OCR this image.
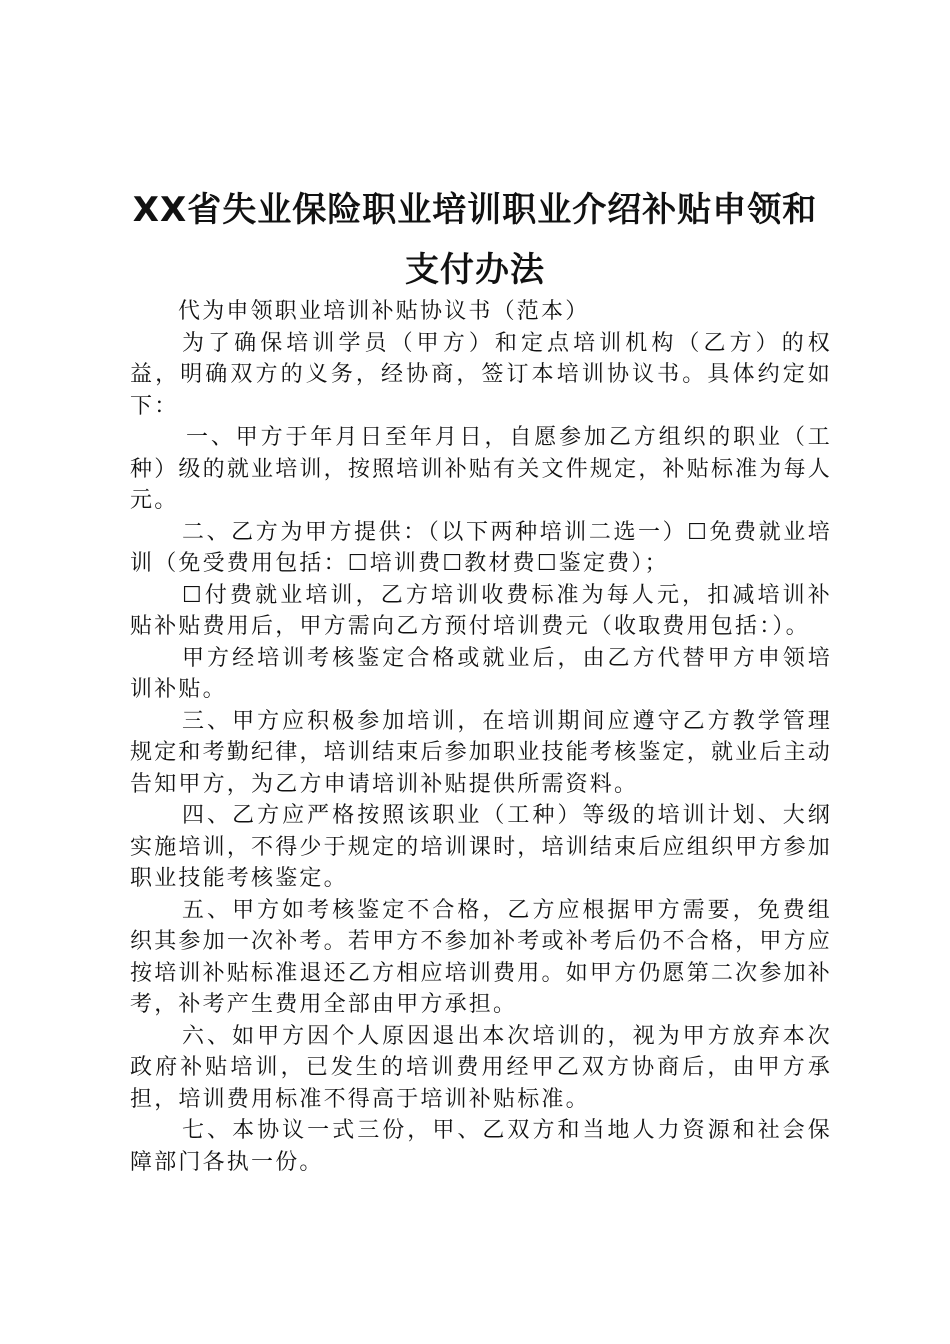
XX省失业保险职业培训职业介绍补贴申领和
支付办法

代为申领职业培训补贴协议书（范本）

为了确保培训学员（甲方）和定点培训机构（乙方）的权益，明确双方的义务，经协商，签订本培训协议书。具体约定如下：

一、甲方于年月日至年月日，自愿参加乙方组织的职业（工种）级的就业培训，按照培训补贴有关文件规定，补贴标准为每人元。

二、乙方为甲方提供：（以下两种培训二选一）☐免费就业培训（免受费用包括：☐培训费☐教材费☐鉴定费）；

☐付费就业培训，乙方培训收费标准为每人元，扣减培训补贴补贴费用后，甲方需向乙方预付培训费元（收取费用包括：）。

甲方经培训考核鉴定合格或就业后，由乙方代替甲方申领培训补贴。

三、甲方应积极参加培训，在培训期间应遵守乙方教学管理规定和考勤纪律，培训结束后参加职业技能考核鉴定，就业后主动告知甲方，为乙方申请培训补贴提供所需资料。

四、乙方应严格按照该职业（工种）等级的培训计划、大纲实施培训，不得少于规定的培训课时，培训结束后应组织甲方参加职业技能考核鉴定。

五、甲方如考核鉴定不合格，乙方应根据甲方需要，免费组织其参加一次补考。若甲方不参加补考或补考后仍不合格，甲方应按培训补贴标准退还乙方相应培训费用。如甲方仍愿第二次参加补考，补考产生费用全部由甲方承担。

六、如甲方因个人原因退出本次培训的，视为甲方放弃本次政府补贴培训，已发生的培训费用经甲乙双方协商后，由甲方承担，培训费用标准不得高于培训补贴标准。

七、本协议一式三份，甲、乙双方和当地人力资源和社会保障部门各执一份。
